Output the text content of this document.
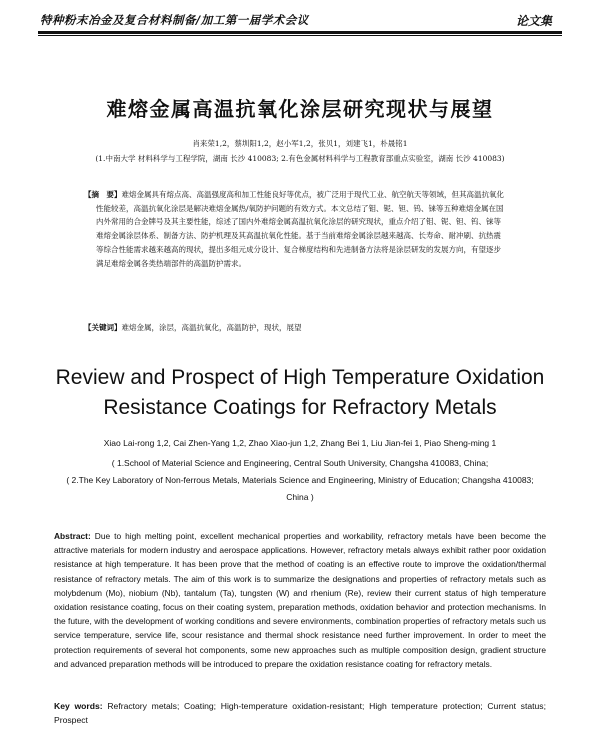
特种粉末冶金及复合材料制备/加工第一届学术会议	论文集
难熔金属高温抗氧化涂层研究现状与展望
肖来荣1,2，蔡圳阳1,2，赵小军1,2，张贝1，刘建飞1，朴晟铭1
(1.中南大学 材料科学与工程学院，湖南 长沙 410083; 2.有色金属材料科学与工程教育部重点实验室，湖南 长沙 410083)
【摘　要】难熔金属具有熔点高、高温强度高和加工性能良好等优点，被广泛用于现代工业、航空航天等领域，但其高温抗氧化性能较差，高温抗氧化涂层是解决难熔金属热/氧防护问题的有效方式。本文总结了钼、铌、钽、钨、铼等五种难熔金属在国内外常用的合金牌号及其主要性能，综述了国内外难熔金属高温抗氧化涂层的研究现状，重点介绍了钼、铌、钽、钨、铼等难熔金属涂层体系、制备方法、防护机理及其高温抗氧化性能。基于当前难熔金属涂层越来越高、长寿命、耐冲刷、抗热震等综合性能需求越来越高的现状，提出多组元成分设计、复合梯度结构和先进制备方法将是涂层研发的发展方向，有望逐步满足难熔金属各类热端部件的高温防护需求。
【关键词】难熔金属，涂层，高温抗氧化，高温防护，现状，展望
Review and Prospect of High Temperature Oxidation Resistance Coatings for Refractory Metals
Xiao Lai-rong 1,2, Cai Zhen-Yang 1,2, Zhao Xiao-jun 1,2, Zhang Bei 1, Liu Jian-fei 1, Piao Sheng-ming 1
( 1.School of Material Science and Engineering, Central South University, Changsha 410083, China;
( 2.The Key Laboratory of Non-ferrous Metals, Materials Science and Engineering, Ministry of Education; Changsha 410083; China )
Abstract: Due to high melting point, excellent mechanical properties and workability, refractory metals have been become the attractive materials for modern industry and aerospace applications. However, refractory metals always exhibit rather poor oxidation resistance at high temperature. It has been prove that the method of coating is an effective route to improve the oxidation/thermal resistance of refractory metals. The aim of this work is to summarize the designations and properties of refractory metals such as molybdenum (Mo), niobium (Nb), tantalum (Ta), tungsten (W) and rhenium (Re), review their current status of high temperature oxidation resistance coating, focus on their coating system, preparation methods, oxidation behavior and protection mechanisms. In the future, with the development of working conditions and severe environments, combination properties of refractory metals such us service temperature, service life, scour resistance and thermal shock resistance need further improvement. In order to meet the protection requirements of several hot components, some new approaches such as multiple composition design, gradient structure and advanced preparation methods will be introduced to prepare the oxidation resistance coating for refractory metals.
Key words: Refractory metals; Coating; High-temperature oxidation-resistant; High temperature protection; Current status; Prospect
